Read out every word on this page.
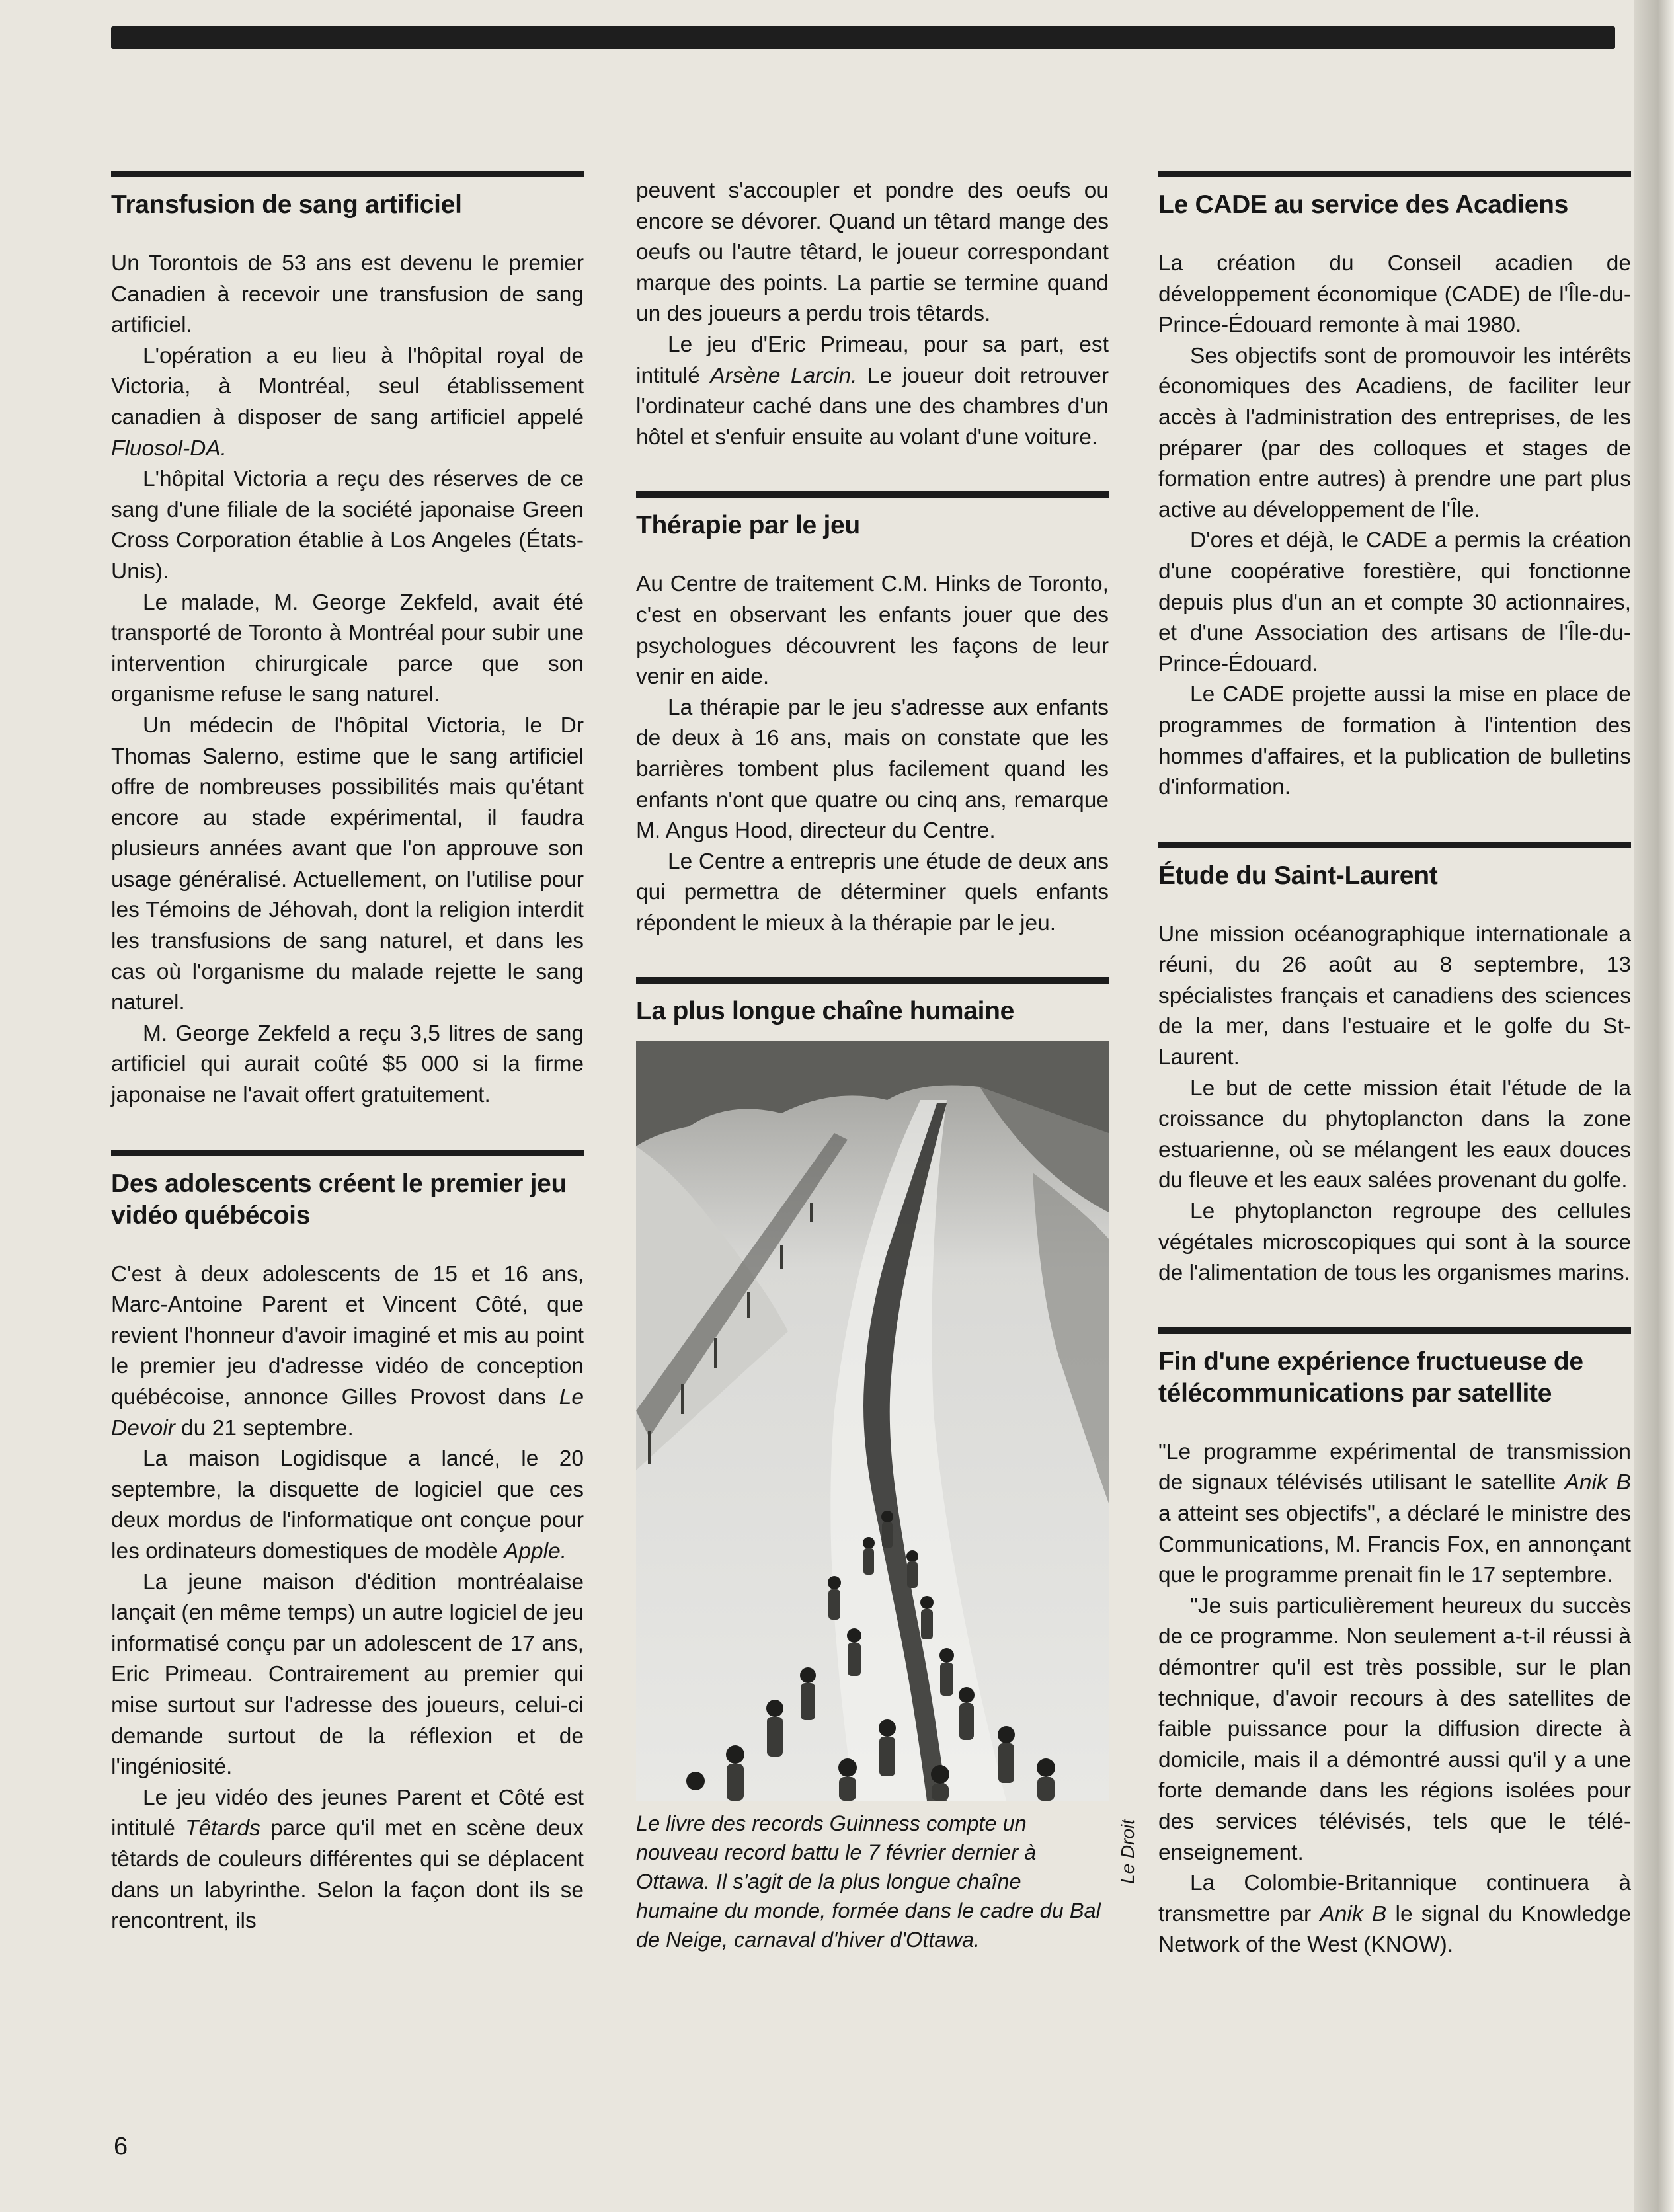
Transfusion de sang artificiel

Un Torontois de 53 ans est devenu le premier Canadien à recevoir une transfusion de sang artificiel.

L'opération a eu lieu à l'hôpital royal de Victoria, à Montréal, seul établissement canadien à disposer de sang artificiel appelé Fluosol-DA.

L'hôpital Victoria a reçu des réserves de ce sang d'une filiale de la société japonaise Green Cross Corporation établie à Los Angeles (États-Unis).

Le malade, M. George Zekfeld, avait été transporté de Toronto à Montréal pour subir une intervention chirurgicale parce que son organisme refuse le sang naturel.

Un médecin de l'hôpital Victoria, le Dr Thomas Salerno, estime que le sang artificiel offre de nombreuses possibilités mais qu'étant encore au stade expérimental, il faudra plusieurs années avant que l'on approuve son usage généralisé. Actuellement, on l'utilise pour les Témoins de Jéhovah, dont la religion interdit les transfusions de sang naturel, et dans les cas où l'organisme du malade rejette le sang naturel.

M. George Zekfeld a reçu 3,5 litres de sang artificiel qui aurait coûté $5 000 si la firme japonaise ne l'avait offert gratuitement.

Des adolescents créent le premier jeu vidéo québécois

C'est à deux adolescents de 15 et 16 ans, Marc-Antoine Parent et Vincent Côté, que revient l'honneur d'avoir imaginé et mis au point le premier jeu d'adresse vidéo de conception québécoise, annonce Gilles Provost dans Le Devoir du 21 septembre.

La maison Logidisque a lancé, le 20 septembre, la disquette de logiciel que ces deux mordus de l'informatique ont conçue pour les ordinateurs domestiques de modèle Apple.

La jeune maison d'édition montréalaise lançait (en même temps) un autre logiciel de jeu informatisé conçu par un adolescent de 17 ans, Eric Primeau. Contrairement au premier qui mise surtout sur l'adresse des joueurs, celui-ci demande surtout de la réflexion et de l'ingéniosité.

Le jeu vidéo des jeunes Parent et Côté est intitulé Têtards parce qu'il met en scène deux têtards de couleurs différentes qui se déplacent dans un labyrinthe. Selon la façon dont ils se rencontrent, ils

peuvent s'accoupler et pondre des oeufs ou encore se dévorer. Quand un têtard mange des oeufs ou l'autre têtard, le joueur correspondant marque des points. La partie se termine quand un des joueurs a perdu trois têtards.

Le jeu d'Eric Primeau, pour sa part, est intitulé Arsène Larcin. Le joueur doit retrouver l'ordinateur caché dans une des chambres d'un hôtel et s'enfuir ensuite au volant d'une voiture.

Thérapie par le jeu

Au Centre de traitement C.M. Hinks de Toronto, c'est en observant les enfants jouer que des psychologues découvrent les façons de leur venir en aide.

La thérapie par le jeu s'adresse aux enfants de deux à 16 ans, mais on constate que les barrières tombent plus facilement quand les enfants n'ont que quatre ou cinq ans, remarque M. Angus Hood, directeur du Centre.

Le Centre a entrepris une étude de deux ans qui permettra de déterminer quels enfants répondent le mieux à la thérapie par le jeu.

La plus longue chaîne humaine

Le livre des records Guinness compte un nouveau record battu le 7 février dernier à Ottawa. Il s'agit de la plus longue chaîne humaine du monde, formée dans le cadre du Bal de Neige, carnaval d'hiver d'Ottawa.

Le Droit
Le CADE au service des Acadiens

La création du Conseil acadien de développement économique (CADE) de l'Île-du-Prince-Édouard remonte à mai 1980.

Ses objectifs sont de promouvoir les intérêts économiques des Acadiens, de faciliter leur accès à l'administration des entreprises, de les préparer (par des colloques et stages de formation entre autres) à prendre une part plus active au développement de l'Île.

D'ores et déjà, le CADE a permis la création d'une coopérative forestière, qui fonctionne depuis plus d'un an et compte 30 actionnaires, et d'une Association des artisans de l'Île-du-Prince-Édouard.

Le CADE projette aussi la mise en place de programmes de formation à l'intention des hommes d'affaires, et la publication de bulletins d'information.

Étude du Saint-Laurent

Une mission océanographique internationale a réuni, du 26 août au 8 septembre, 13 spécialistes français et canadiens des sciences de la mer, dans l'estuaire et le golfe du St-Laurent.

Le but de cette mission était l'étude de la croissance du phytoplancton dans la zone estuarienne, où se mélangent les eaux douces du fleuve et les eaux salées provenant du golfe.

Le phytoplancton regroupe des cellules végétales microscopiques qui sont à la source de l'alimentation de tous les organismes marins.

Fin d'une expérience fructueuse de télécommunications par satellite

"Le programme expérimental de transmission de signaux télévisés utilisant le satellite Anik B a atteint ses objectifs", a déclaré le ministre des Communications, M. Francis Fox, en annonçant que le programme prenait fin le 17 septembre.

"Je suis particulièrement heureux du succès de ce programme. Non seulement a-t-il réussi à démontrer qu'il est très possible, sur le plan technique, d'avoir recours à des satellites de faible puissance pour la diffusion directe à domicile, mais il a démontré aussi qu'il y a une forte demande dans les régions isolées pour des services télévisés, tels que le télé-enseignement.

La Colombie-Britannique continuera à transmettre par Anik B le signal du Knowledge Network of the West (KNOW).

6
